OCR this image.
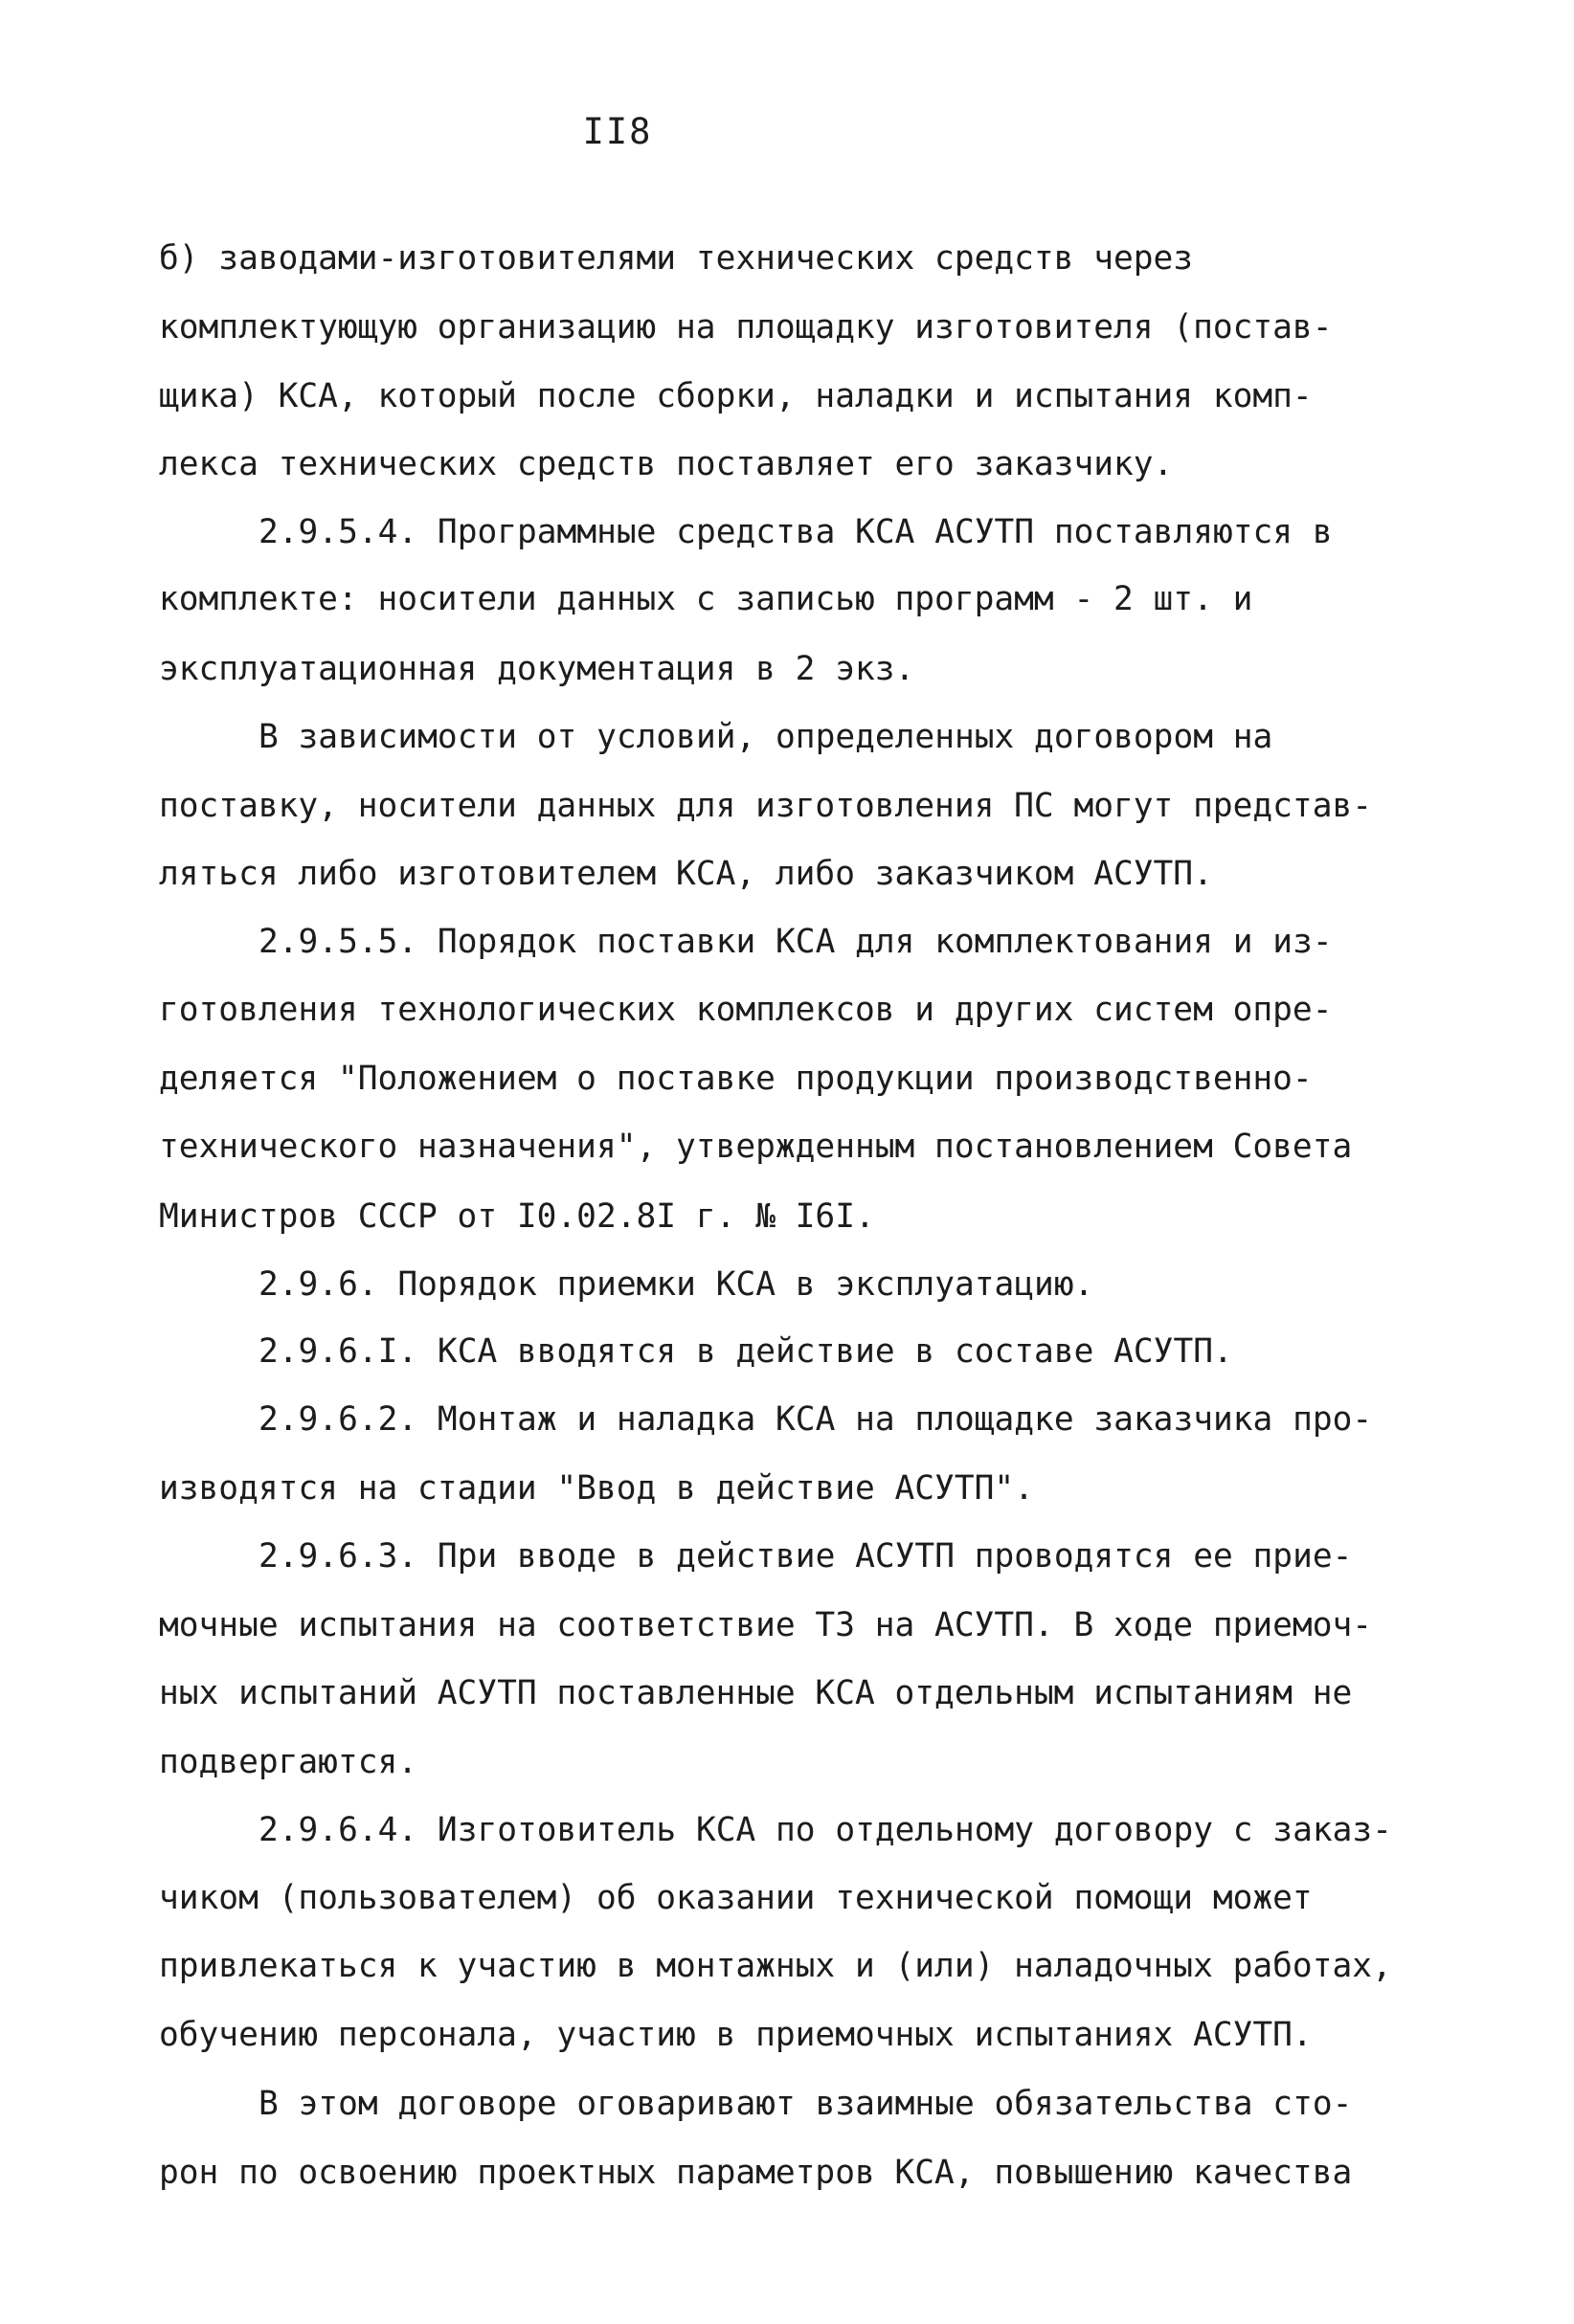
II8
б) заводами-изготовителями технических средств через
комплектующую организацию на площадку изготовителя (постав-
щика) КСА, который после сборки, наладки и испытания комп-
лекса технических средств поставляет его заказчику.
2.9.5.4. Программные средства КСА АСУТП поставляются в
комплекте: носители данных с записью программ - 2 шт. и
эксплуатационная документация в 2 экз.
В зависимости от условий, определенных договором на
поставку, носители данных для изготовления ПС могут представ-
ляться либо изготовителем КСА, либо заказчиком АСУТП.
2.9.5.5. Порядок поставки КСА для комплектования и из-
готовления технологических комплексов и других систем опре-
деляется "Положением о поставке продукции производственно-
технического назначения", утвержденным постановлением Совета
Министров СССР от I0.02.8I г. № I6I.
2.9.6. Порядок приемки КСА в эксплуатацию.
2.9.6.I. КСА вводятся в действие в составе АСУТП.
2.9.6.2. Монтаж и наладка КСА на площадке заказчика про-
изводятся на стадии "Ввод в действие АСУТП".
2.9.6.3. При вводе в действие АСУТП проводятся ее прие-
мочные испытания на соответствие ТЗ на АСУТП. В ходе приемоч-
ных испытаний АСУТП поставленные КСА отдельным испытаниям не
подвергаются.
2.9.6.4. Изготовитель КСА по отдельному договору с заказ-
чиком (пользователем) об оказании технической помощи может
привлекаться к участию в монтажных и (или) наладочных работах,
обучению персонала, участию в приемочных испытаниях АСУТП.
В этом договоре оговаривают взаимные обязательства сто-
рон по освоению проектных параметров КСА, повышению качества
